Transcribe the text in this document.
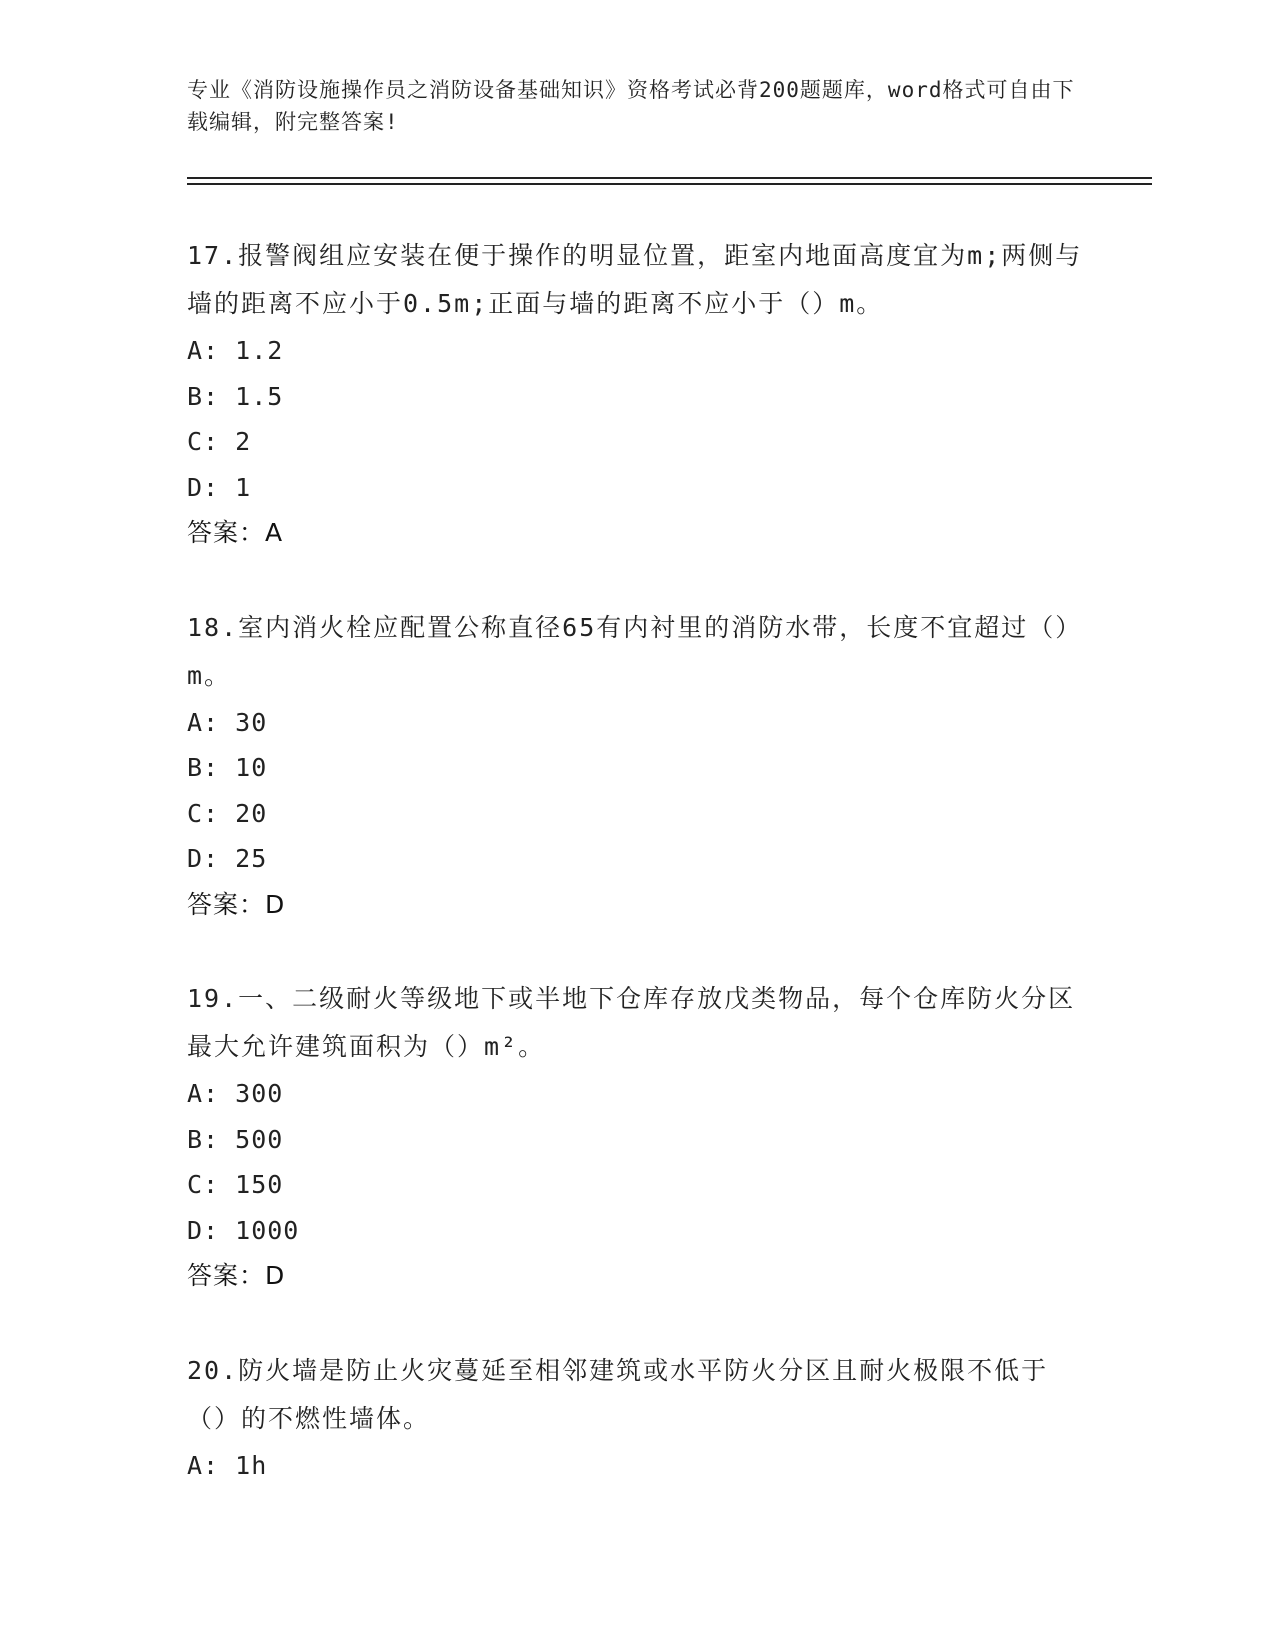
专业《消防设施操作员之消防设备基础知识》资格考试必背200题题库，word格式可自由下载编辑，附完整答案!

17.报警阀组应安装在便于操作的明显位置，距室内地面高度宜为m;两侧与墙的距离不应小于0.5m;正面与墙的距离不应小于（）m。

A: 1.2
B: 1.5
C: 2
D: 1
答案：A

18.室内消火栓应配置公称直径65有内衬里的消防水带，长度不宜超过（）m。

A: 30
B: 10
C: 20
D: 25
答案：D

19.一、二级耐火等级地下或半地下仓库存放戊类物品，每个仓库防火分区最大允许建筑面积为（）m²。

A: 300
B: 500
C: 150
D: 1000
答案：D

20.防火墙是防止火灾蔓延至相邻建筑或水平防火分区且耐火极限不低于（）的不燃性墙体。

A: 1h
